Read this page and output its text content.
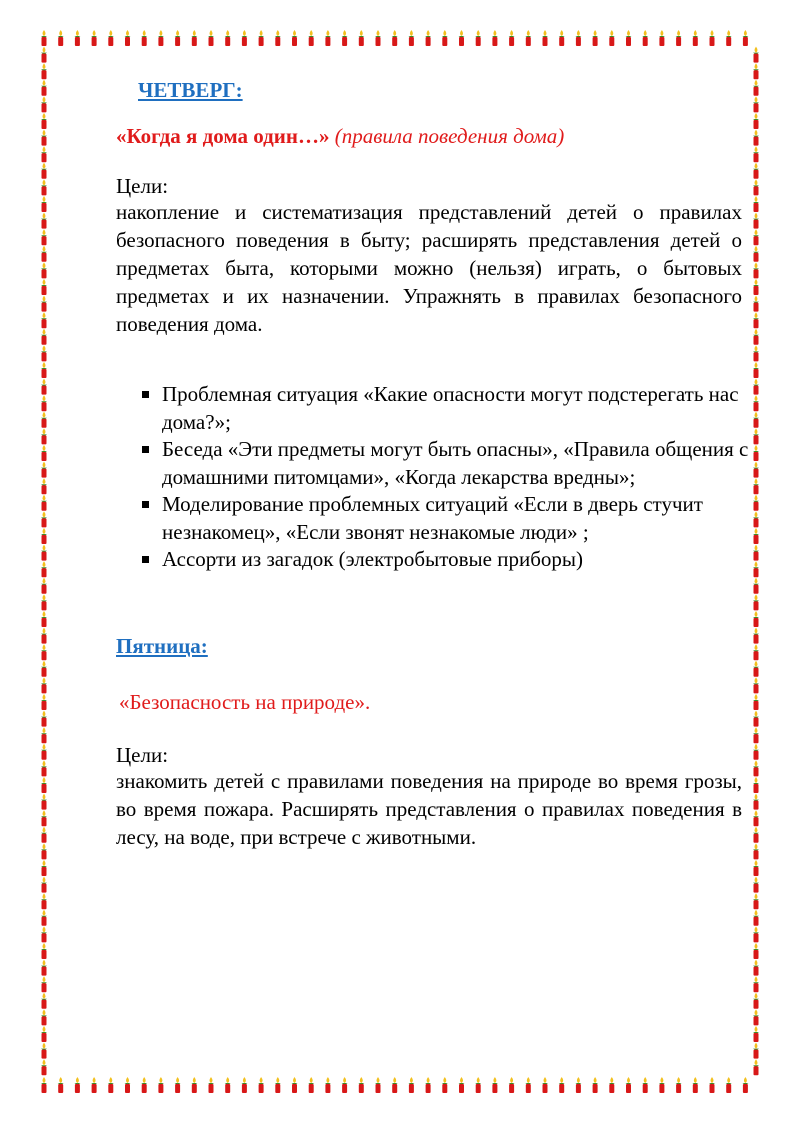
ЧЕТВЕРГ:
«Когда я дома один…» (правила поведения дома)
Цели:
накопление и систематизация представлений детей о правилах безопасного поведения в быту; расширять представления детей о предметах быта, которыми можно (нельзя) играть, о бытовых предметах и их назначении. Упражнять в правилах безопасного поведения дома.
Проблемная ситуация «Какие опасности могут подстерегать нас дома?»;
Беседа «Эти предметы могут быть опасны», «Правила общения с домашними питомцами», «Когда лекарства вредны»;
Моделирование проблемных ситуаций «Если в дверь стучит незнакомец», «Если звонят незнакомые люди» ;
Ассорти из загадок (электробытовые приборы)
Пятница:
«Безопасность на природе».
Цели:
знакомить детей с правилами поведения на природе во время грозы, во время пожара. Расширять представления о правилах поведения в лесу, на воде, при встрече с животными.
